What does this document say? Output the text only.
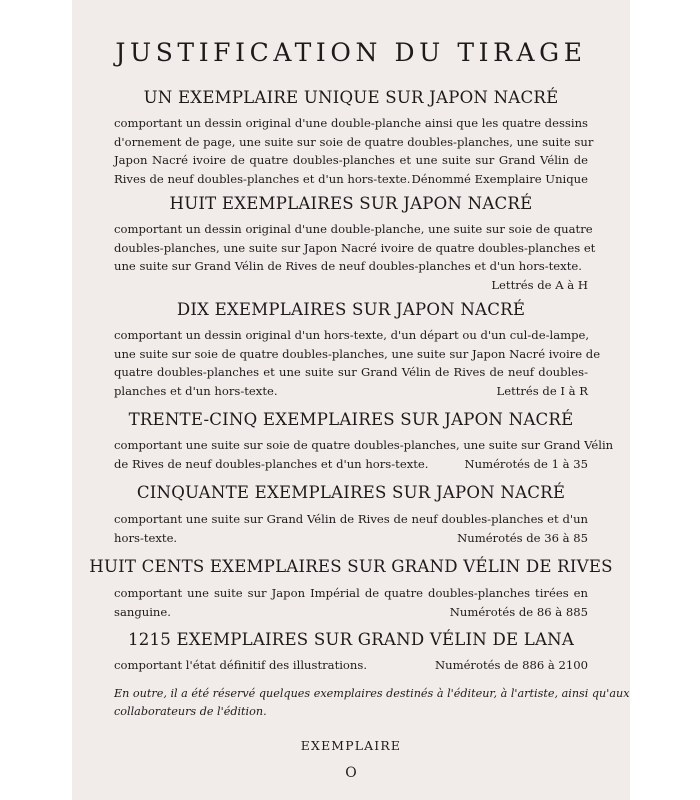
JUSTIFICATION DU TIRAGE
UN EXEMPLAIRE UNIQUE SUR JAPON NACRÉ
comportant un dessin original d'une double-planche ainsi que les quatre dessins
d'ornement de page, une suite sur soie de quatre doubles-planches, une suite sur
Japon Nacré ivoire de quatre doubles-planches et une suite sur Grand Vélin de
Rives de neuf doubles-planches et d'un hors-texte. Dénommé Exemplaire Unique
HUIT EXEMPLAIRES SUR JAPON NACRÉ
comportant un dessin original d'une double-planche, une suite sur soie de quatre
doubles-planches, une suite sur Japon Nacré ivoire de quatre doubles-planches et
une suite sur Grand Vélin de Rives de neuf doubles-planches et d'un hors-texte.
Lettrés de A à H
DIX EXEMPLAIRES SUR JAPON NACRÉ
comportant un dessin original d'un hors-texte, d'un départ ou d'un cul-de-lampe,
une suite sur soie de quatre doubles-planches, une suite sur Japon Nacré ivoire de
quatre doubles-planches et une suite sur Grand Vélin de Rives de neuf doubles-
planches et d'un hors-texte.	Lettrés de I à R
TRENTE-CINQ EXEMPLAIRES SUR JAPON NACRÉ
comportant une suite sur soie de quatre doubles-planches, une suite sur Grand Vélin
de Rives de neuf doubles-planches et d'un hors-texte.	Numérotés de 1 à 35
CINQUANTE EXEMPLAIRES SUR JAPON NACRÉ
comportant une suite sur Grand Vélin de Rives de neuf doubles-planches et d'un
hors-texte.	Numérotés de 36 à 85
HUIT CENTS EXEMPLAIRES SUR GRAND VÉLIN DE RIVES
comportant une suite sur Japon Impérial de quatre doubles-planches tirées en
sanguine.	Numérotés de 86 à 885
1215 EXEMPLAIRES SUR GRAND VÉLIN DE LANA
comportant l'état définitif des illustrations.	Numérotés de 886 à 2100
En outre, il a été réservé quelques exemplaires destinés à l'éditeur, à l'artiste, ainsi qu'aux
collaborateurs de l'édition.

EXEMPLAIRE

O
